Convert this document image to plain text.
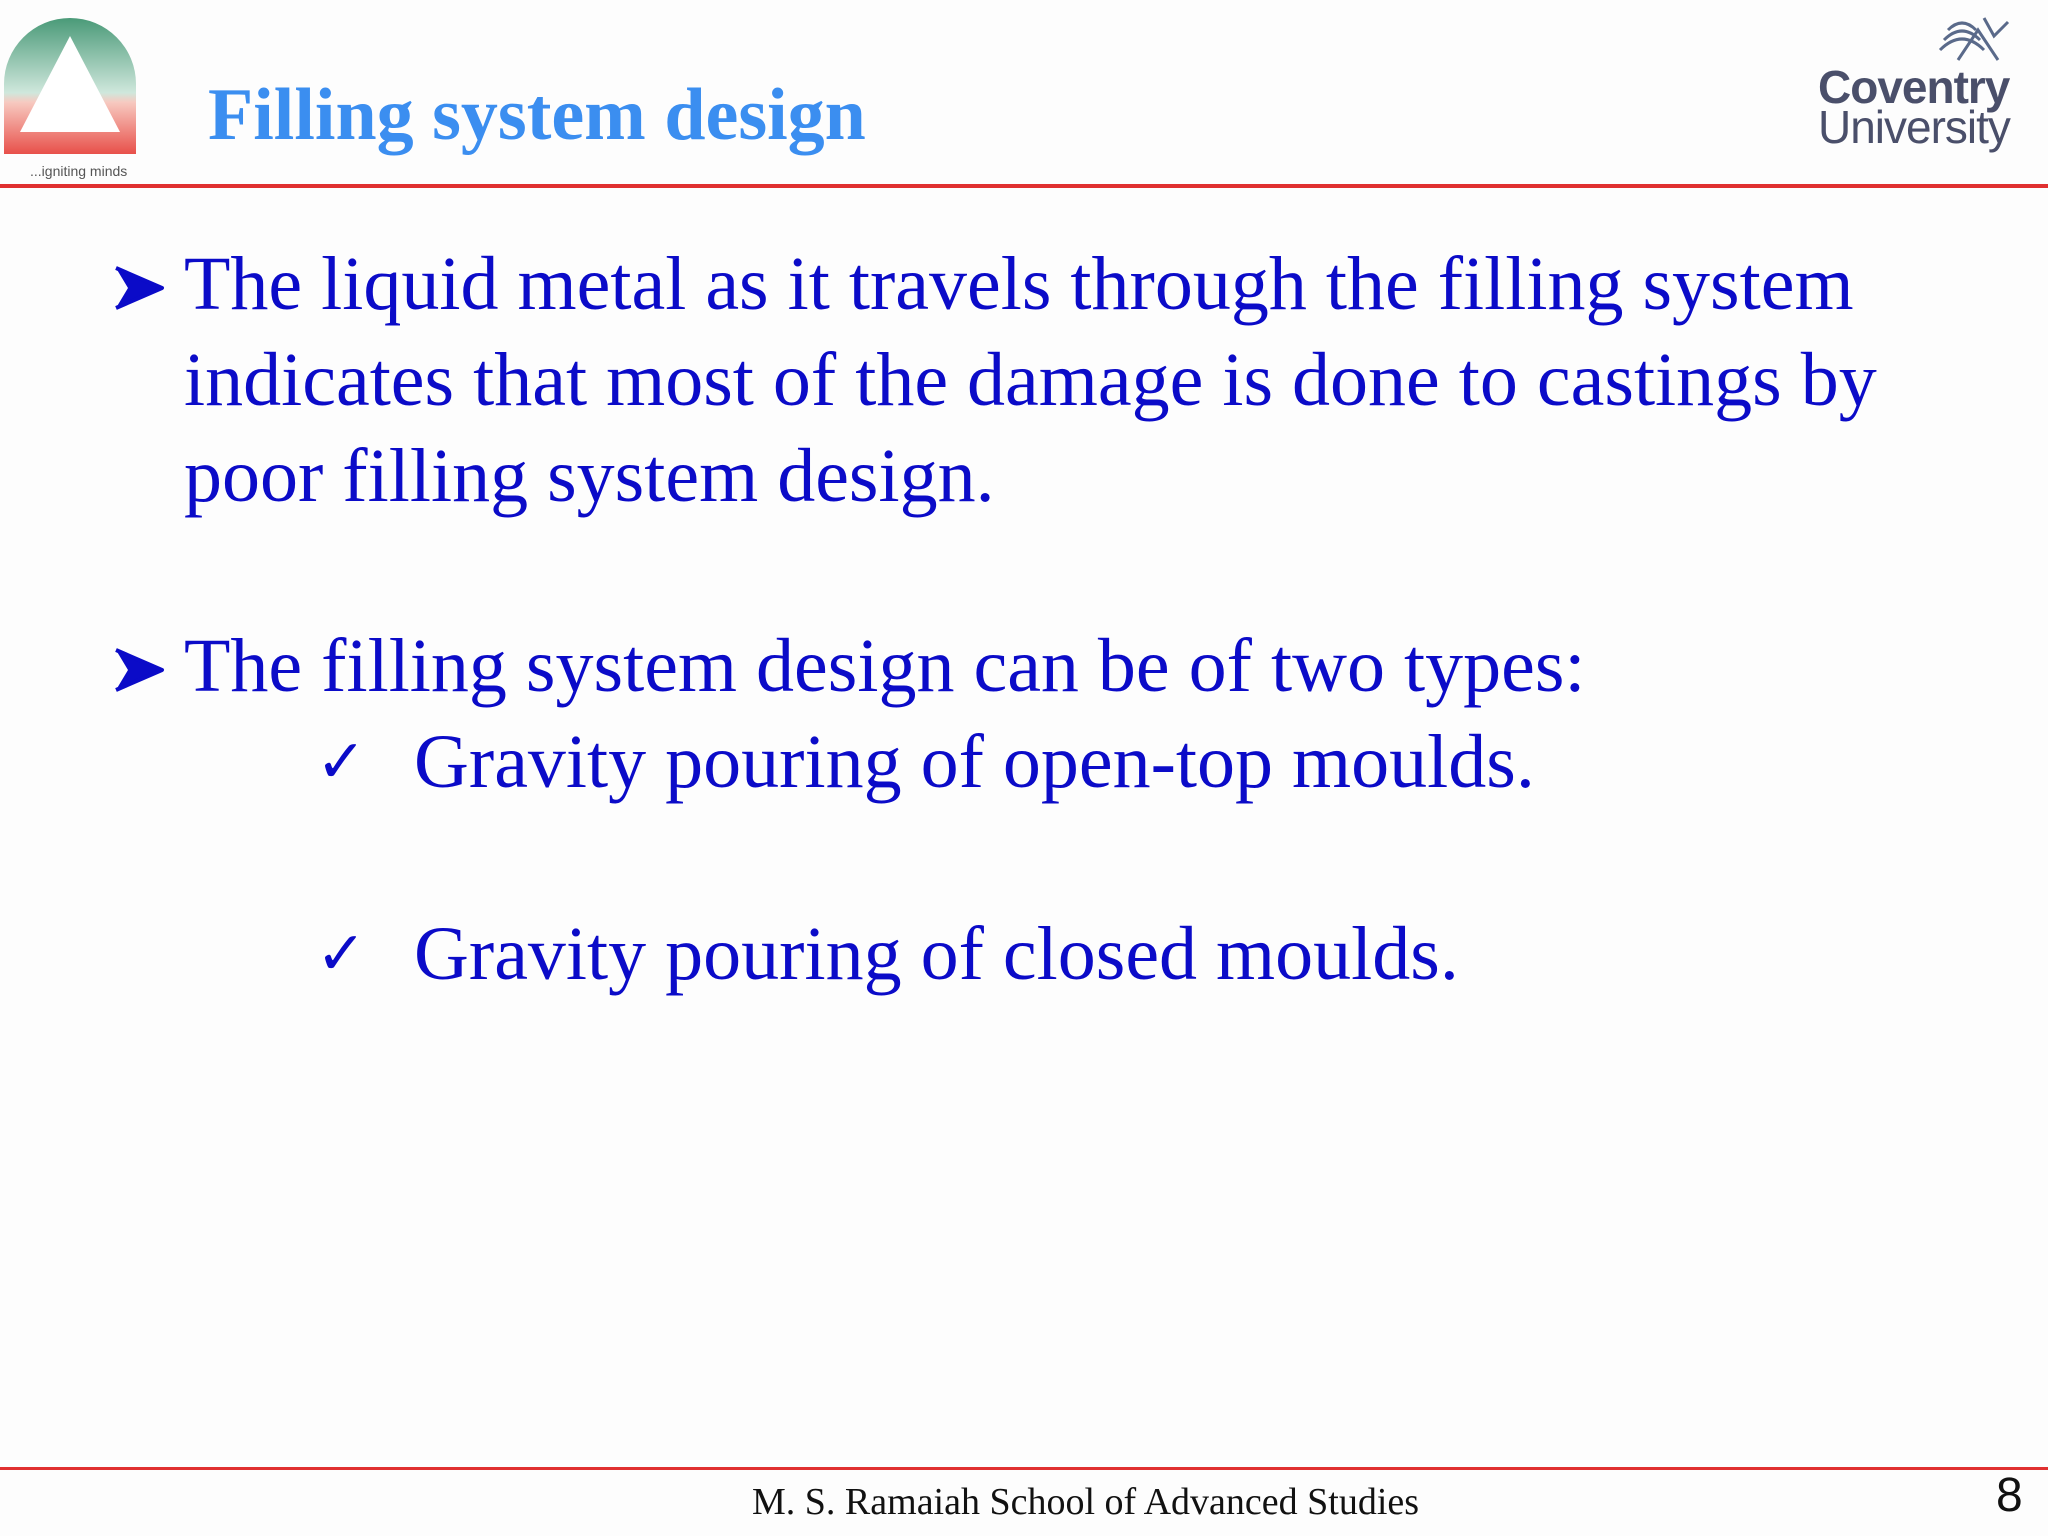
...igniting minds
Filling system design	Coventry
University
The liquid metal as it travels through the filling system
indicates that most of the damage is done to castings by
poor filling system design.
The filling system design can be of two types:
✓ Gravity pouring of open-top moulds.
✓ Gravity pouring of closed moulds.
M. S. Ramaiah School of Advanced Studies	8
